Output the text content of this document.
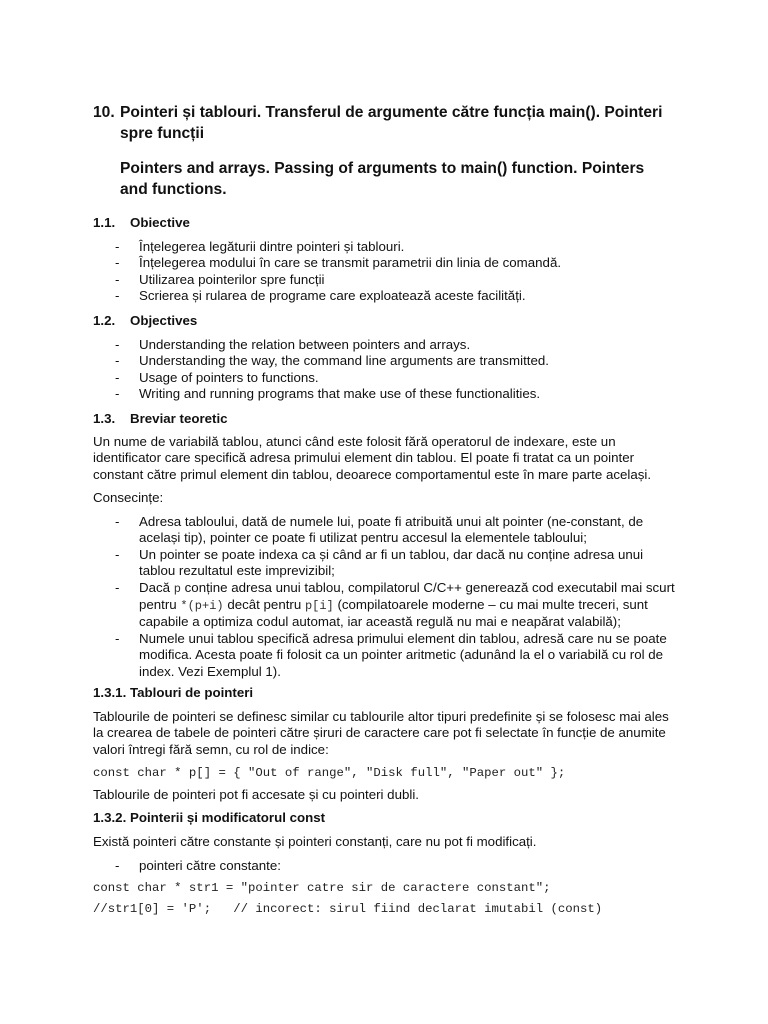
10. Pointeri și tablouri. Transferul de argumente către funcția main(). Pointeri spre funcții
Pointers and arrays. Passing of arguments to main() function. Pointers and functions.
1.1. Obiective
- Înțelegerea legăturii dintre pointeri și tablouri.
- Înțelegerea modului în care se transmit parametrii din linia de comandă.
- Utilizarea pointerilor spre funcții
- Scrierea și rularea de programe care exploatează aceste facilități.
1.2. Objectives
- Understanding the relation between pointers and arrays.
- Understanding the way, the command line arguments are transmitted.
- Usage of pointers to functions.
- Writing and running programs that make use of these functionalities.
1.3. Breviar teoretic
Un nume de variabilă tablou, atunci când este folosit fără operatorul de indexare, este un identificator care specifică adresa primului element din tablou. El poate fi tratat ca un pointer constant către primul element din tablou, deoarece comportamentul este în mare parte același.
Consecințe:
- Adresa tabloului, dată de numele lui, poate fi atribuită unui alt pointer (ne-constant, de același tip), pointer ce poate fi utilizat pentru accesul la elementele tabloului;
- Un pointer se poate indexa ca și când ar fi un tablou, dar dacă nu conține adresa unui tablou rezultatul este imprevizibil;
- Dacă p conține adresa unui tablou, compilatorul C/C++ generează cod executabil mai scurt pentru *(p+i) decât pentru p[i] (compilatoarele moderne – cu mai multe treceri, sunt capabile a optimiza codul automat, iar această regulă nu mai e neapărat valabilă);
- Numele unui tablou specifică adresa primului element din tablou, adresă care nu se poate modifica. Acesta poate fi folosit ca un pointer aritmetic (adunând la el o variabilă cu rol de index. Vezi Exemplul 1).
1.3.1. Tablouri de pointeri
Tablourile de pointeri se definesc similar cu tablourile altor tipuri predefinite și se folosesc mai ales la crearea de tabele de pointeri către șiruri de caractere care pot fi selectate în funcție de anumite valori întregi fără semn, cu rol de indice:
const char * p[] = { "Out of range", "Disk full", "Paper out" };
Tablourile de pointeri pot fi accesate și cu pointeri dubli.
1.3.2. Pointerii și modificatorul const
Există pointeri către constante și pointeri constanți, care nu pot fi modificați.
- pointeri către constante:
const char * str1 = "pointer catre sir de caractere constant";
//str1[0] = 'P';   // incorect: sirul fiind declarat imutabil (const)
